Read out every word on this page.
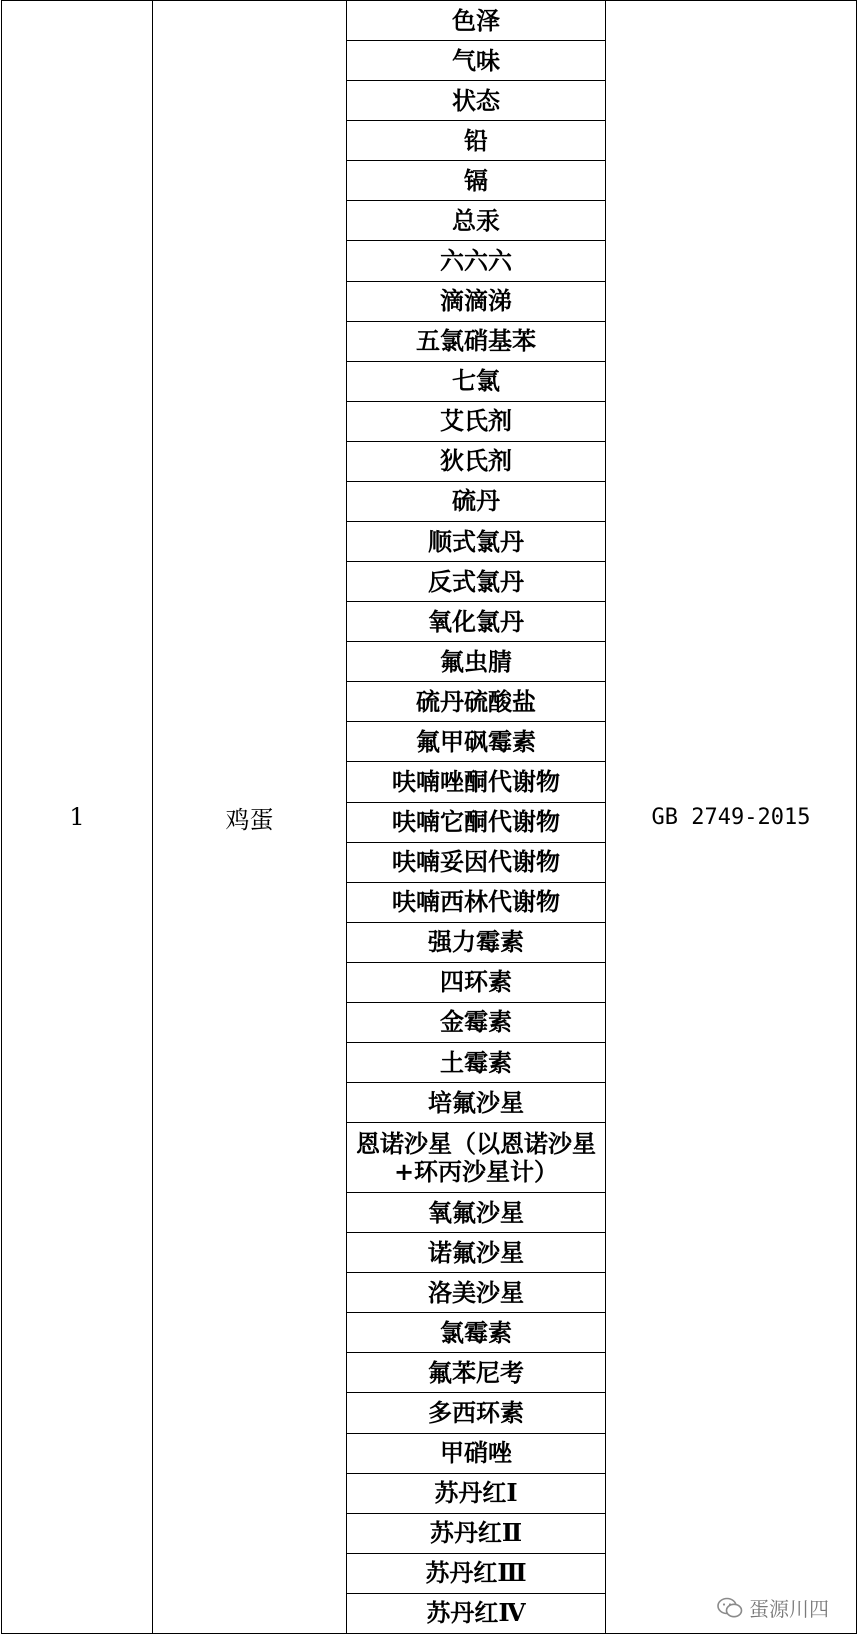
1	鸡蛋	色泽	GB 2749-2015
气味
状态
铅
镉
总汞
六六六
滴滴涕
五氯硝基苯
七氯
艾氏剂
狄氏剂
硫丹
顺式氯丹
反式氯丹
氧化氯丹
氟虫腈
硫丹硫酸盐
氟甲砜霉素
呋喃唑酮代谢物
呋喃它酮代谢物
呋喃妥因代谢物
呋喃西林代谢物
强力霉素
四环素
金霉素
土霉素
培氟沙星
恩诺沙星（以恩诺沙星+环丙沙星计）
氧氟沙星
诺氟沙星
洛美沙星
氯霉素
氟苯尼考
多西环素
甲硝唑
苏丹红Ⅰ
苏丹红Ⅱ
苏丹红Ⅲ
苏丹红Ⅳ	蛋源川四
